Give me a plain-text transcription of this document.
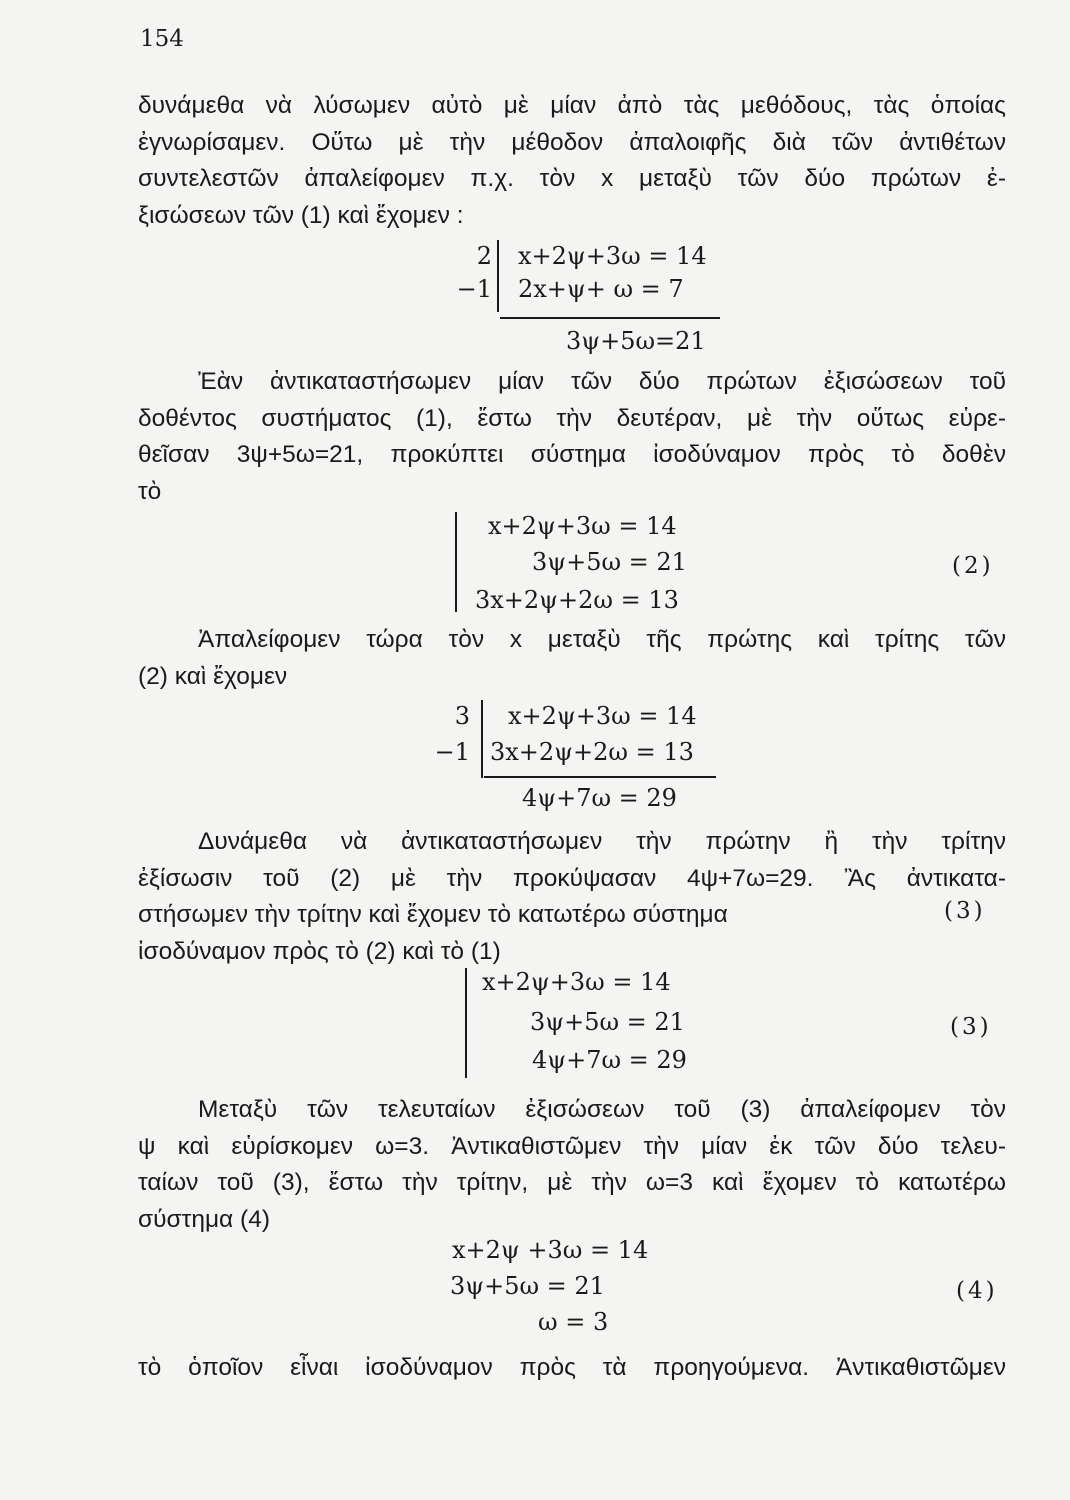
154
δυνάμεθα νὰ λύσωμεν αὐτὸ μὲ μίαν ἀπὸ τὰς μεθόδους, τὰς ὁποίας
ἐγνωρίσαμεν. Οὕτω μὲ τὴν μέθοδον ἀπαλοιφῆς διὰ τῶν ἀντιθέτων
συντελεστῶν ἀπαλείφομεν π.χ. τὸν x μεταξὺ τῶν δύο πρώτων ἐ-
ξισώσεων τῶν (1) καὶ ἔχομεν :
2
−1
x+2ψ+3ω = 14
2x+ψ+ ω = 7
3ψ+5ω=21
Ἐὰν ἀντικαταστήσωμεν μίαν τῶν δύο πρώτων ἐξισώσεων τοῦ
δοθέντος συστήματος (1), ἔστω τὴν δευτέραν, μὲ τὴν οὕτως εὑρε-
θεῖσαν 3ψ+5ω=21, προκύπτει σύστημα ἰσοδύναμον πρὸς τὸ δοθὲν
τὸ
x+2ψ+3ω = 14
3ψ+5ω = 21
3x+2ψ+2ω = 13
(2)
Ἀπαλείφομεν τώρα τὸν x μεταξὺ τῆς πρώτης καὶ τρίτης τῶν
(2) καὶ ἔχομεν
3
−1
x+2ψ+3ω = 14
3x+2ψ+2ω = 13
4ψ+7ω = 29
Δυνάμεθα νὰ ἀντικαταστήσωμεν τὴν πρώτην ἢ τὴν τρίτην
ἐξίσωσιν τοῦ (2) μὲ τὴν προκύψασαν 4ψ+7ω=29. Ἂς ἀντικατα-
στήσωμεν τὴν τρίτην καὶ ἔχομεν τὸ κατωτέρω σύστημα
ἰσοδύναμον πρὸς τὸ (2) καὶ τὸ (1)
(3)
x+2ψ+3ω = 14
3ψ+5ω = 21
4ψ+7ω = 29
(3)
Μεταξὺ τῶν τελευταίων ἐξισώσεων τοῦ (3) ἀπαλείφομεν τὸν
ψ καὶ εὑρίσκομεν ω=3. Ἀντικαθιστῶμεν τὴν μίαν ἐκ τῶν δύο τελευ-
ταίων τοῦ (3), ἔστω τὴν τρίτην, μὲ τὴν ω=3 καὶ ἔχομεν τὸ κατωτέρω
σύστημα (4)
x+2ψ +3ω = 14
3ψ+5ω = 21
ω = 3
(4)
τὸ ὁποῖον εἶναι ἰσοδύναμον πρὸς τὰ προηγούμενα. Ἀντικαθιστῶμεν
